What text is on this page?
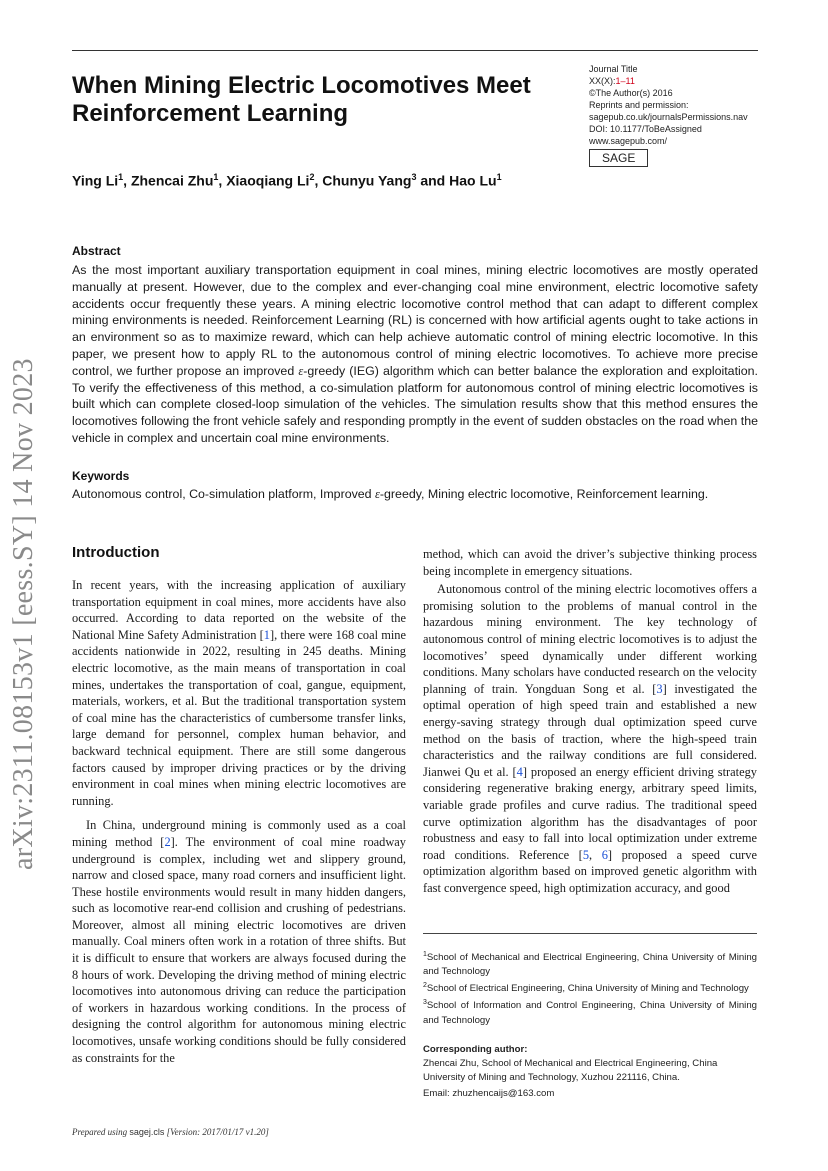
arXiv:2311.08153v1 [eess.SY] 14 Nov 2023
When Mining Electric Locomotives Meet Reinforcement Learning
Journal Title
XX(X):1–11
©The Author(s) 2016
Reprints and permission:
sagepub.co.uk/journalsPermissions.nav
DOI: 10.1177/ToBeAssigned
www.sagepub.com/
SAGE
Ying Li$^1$, Zhencai Zhu$^1$, Xiaoqiang Li$^2$, Chunyu Yang$^3$ and Hao Lu$^1$
Abstract

As the most important auxiliary transportation equipment in coal mines, mining electric locomotives are mostly operated manually at present. However, due to the complex and ever-changing coal mine environment, electric locomotive safety accidents occur frequently these years. A mining electric locomotive control method that can adapt to different complex mining environments is needed. Reinforcement Learning (RL) is concerned with how artificial agents ought to take actions in an environment so as to maximize reward, which can help achieve automatic control of mining electric locomotive. In this paper, we present how to apply RL to the autonomous control of mining electric locomotives. To achieve more precise control, we further propose an improved ε-greedy (IEG) algorithm which can better balance the exploration and exploitation. To verify the effectiveness of this method, a co-simulation platform for autonomous control of mining electric locomotives is built which can complete closed-loop simulation of the vehicles. The simulation results show that this method ensures the locomotives following the front vehicle safely and responding promptly in the event of sudden obstacles on the road when the vehicle in complex and uncertain coal mine environments.

Keywords

Autonomous control, Co-simulation platform, Improved ε-greedy, Mining electric locomotive, Reinforcement learning.

Introduction

In recent years, with the increasing application of auxiliary transportation equipment in coal mines, more accidents have also occurred. According to data reported on the website of the National Mine Safety Administration [1], there were 168 coal mine accidents nationwide in 2022, resulting in 245 deaths. Mining electric locomotive, as the main means of transportation in coal mines, undertakes the transportation of coal, gangue, equipment, materials, workers, et al. But the traditional transportation system of coal mine has the characteristics of cumbersome transfer links, large demand for personnel, complex human behavior, and backward technical equipment. There are still some dangerous factors caused by improper driving practices or by the driving environment in coal mines when mining electric locomotives are running.

In China, underground mining is commonly used as a coal mining method [2]. The environment of coal mine roadway underground is complex, including wet and slippery ground, narrow and closed space, many road corners and insufficient light. These hostile environments would result in many hidden dangers, such as locomotive rear-end collision and crushing of pedestrians. Moreover, almost all mining electric locomotives are driven manually. Coal miners often work in a rotation of three shifts. But it is difficult to ensure that workers are always focused during the 8 hours of work. Developing the driving method of mining electric locomotives into autonomous driving can reduce the participation of workers in hazardous working conditions. In the process of designing the control algorithm for autonomous mining electric locomotives, unsafe working conditions should be fully considered as constraints for the

method, which can avoid the driver’s subjective thinking process being incomplete in emergency situations.

Autonomous control of the mining electric locomotives offers a promising solution to the problems of manual control in the hazardous mining environment. The key technology of autonomous control of mining electric locomotives is to adjust the locomotives’ speed dynamically under different working conditions. Many scholars have conducted research on the velocity planning of train. Yongduan Song et al. [3] investigated the optimal operation of high speed train and established a new energy-saving strategy through dual optimization speed curve method on the basis of traction, where the high-speed train characteristics and the railway conditions are full considered. Jianwei Qu et al. [4] proposed an energy efficient driving strategy considering regenerative braking energy, arbitrary speed limits, variable grade profiles and curve radius. The traditional speed curve optimization algorithm has the disadvantages of poor robustness and easy to fall into local optimization under extreme road conditions. Reference [5, 6] proposed a speed curve optimization algorithm based on improved genetic algorithm with fast convergence speed, high optimization accuracy, and good

$^1$School of Mechanical and Electrical Engineering, China University of Mining and Technology

$^2$School of Electrical Engineering, China University of Mining and Technology

$^3$School of Information and Control Engineering, China University of Mining and Technology

Corresponding author:

Zhencai Zhu, School of Mechanical and Electrical Engineering, China University of Mining and Technology, Xuzhou 221116, China.

Email: zhuzhencaijs@163.com

Prepared using sagej.cls [Version: 2017/01/17 v1.20]
